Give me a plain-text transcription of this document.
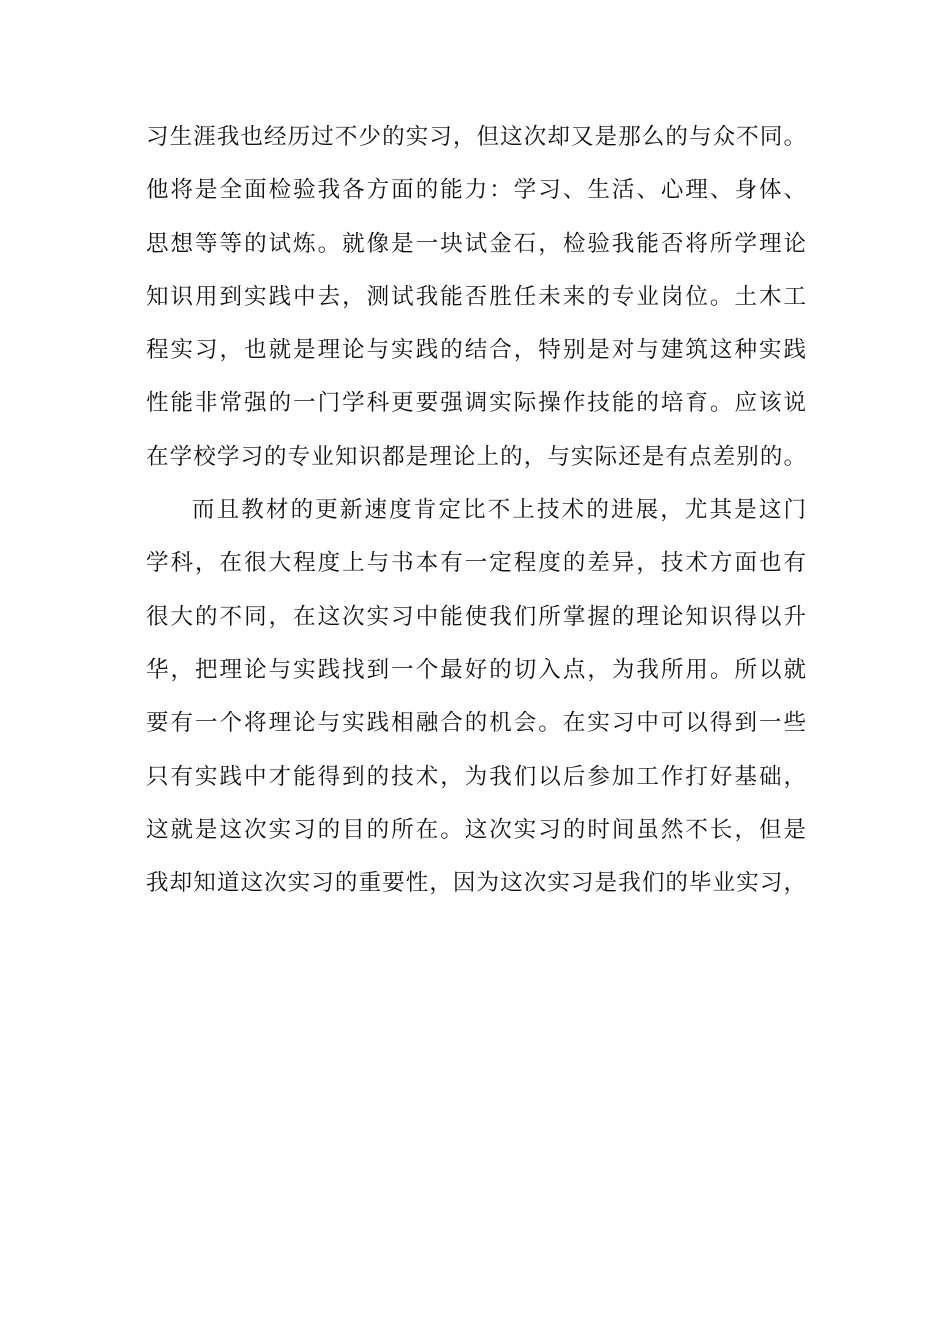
习生涯我也经历过不少的实习，但这次却又是那么的与众不同。
他将是全面检验我各方面的能力：学习、生活、心理、身体、
思想等等的试炼。就像是一块试金石，检验我能否将所学理论
知识用到实践中去，测试我能否胜任未来的专业岗位。土木工
程实习，也就是理论与实践的结合，特别是对与建筑这种实践
性能非常强的一门学科更要强调实际操作技能的培育。应该说
在学校学习的专业知识都是理论上的，与实际还是有点差别的。
而且教材的更新速度肯定比不上技术的进展，尤其是这门
学科，在很大程度上与书本有一定程度的差异，技术方面也有
很大的不同，在这次实习中能使我们所掌握的理论知识得以升
华，把理论与实践找到一个最好的切入点，为我所用。所以就
要有一个将理论与实践相融合的机会。在实习中可以得到一些
只有实践中才能得到的技术，为我们以后参加工作打好基础，
这就是这次实习的目的所在。这次实习的时间虽然不长，但是
我却知道这次实习的重要性，因为这次实习是我们的毕业实习，
